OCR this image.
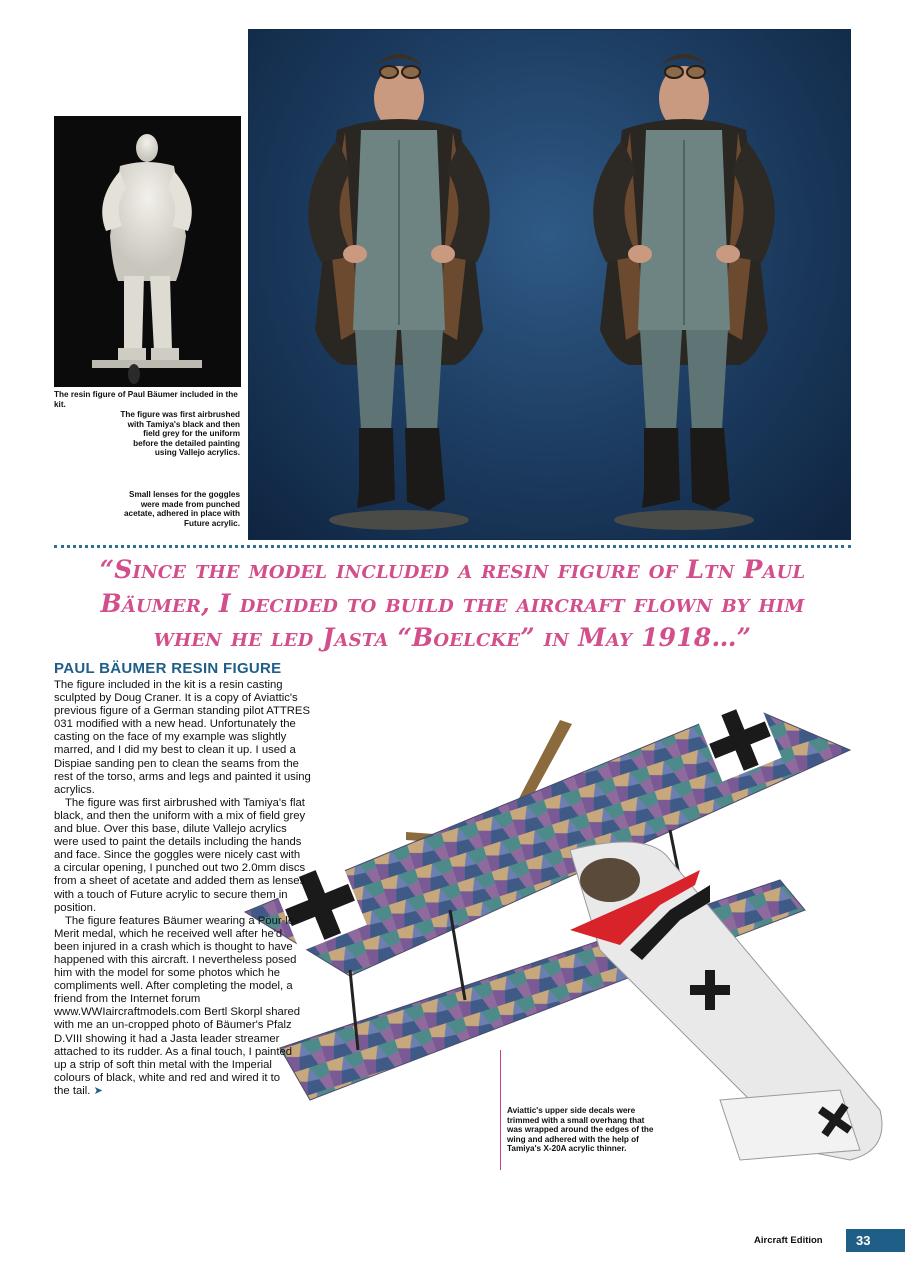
The resin figure of Paul Bäumer included in the kit.
The figure was first airbrushed with Tamiya's black and then field grey for the uniform before the detailed painting using Vallejo acrylics.
Small lenses for the goggles were made from punched acetate, adhered in place with Future acrylic.
“Since the model included a resin figure of Ltn Paul Bäumer, I decided to build the aircraft flown by him when he led Jasta “Boelcke” in May 1918…”
Aviattic's upper side decals were trimmed with a small overhang that was wrapped around the edges of the wing and adhered with the help of Tamiya's X-20A acrylic thinner.
PAUL BÄUMER RESIN FIGURE

The figure included in the kit is a resin casting sculpted by Doug Craner. It is a copy of Aviattic's previous figure of a German standing pilot ATTRES 031 modified with a new head. Unfortunately the casting on the face of my example was slightly marred, and I did my best to clean it up. I used a Dispiae sanding pen to clean the seams from the rest of the torso, arms and legs and painted it using acrylics.

The figure was first airbrushed with Tamiya's flat black, and then the uniform with a mix of field grey and blue. Over this base, dilute Vallejo acrylics were used to paint the details including the hands and face. Since the goggles were nicely cast with a circular opening, I punched out two 2.0mm discs from a sheet of acetate and added them as lenses with a touch of Future acrylic to secure them in position.

The figure features Bäumer wearing a Pour-le-Merit medal, which he received well after he'd been injured in a crash which is thought to have happened with this aircraft. I nevertheless posed him with the model for some photos which he compliments well. After completing the model, a friend from the Internet forum www.WWIaircraftmodels.com Bertl Skorpl shared with me an un-cropped photo of Bäumer's Pfalz D.VIII showing it had a Jasta leader streamer attached to its rudder. As a final touch, I painted up a strip of soft thin metal with the Imperial colours of black, white and red and wired it to the tail. ➤

Aircraft Edition	33
